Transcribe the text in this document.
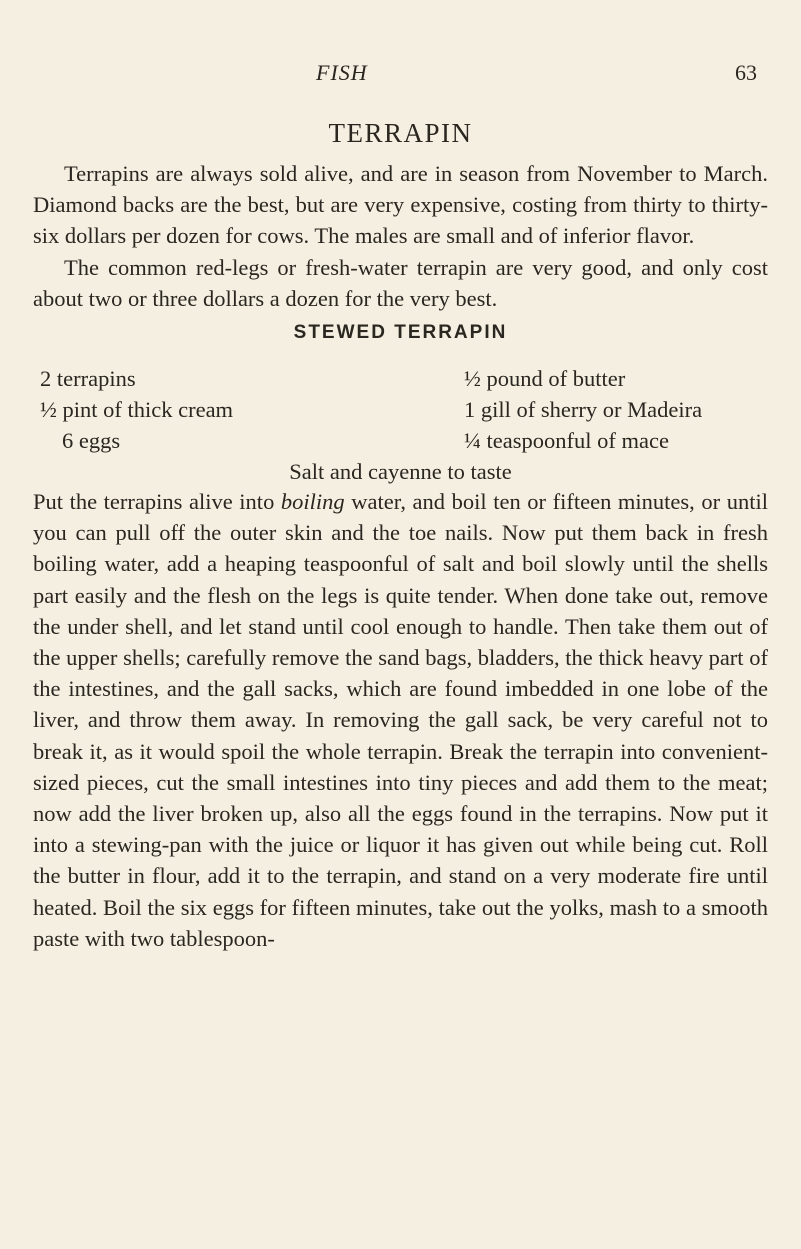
FISH	63
TERRAPIN
Terrapins are always sold alive, and are in season from November to March. Diamond backs are the best, but are very expensive, costing from thirty to thirty-six dollars per dozen for cows. The males are small and of inferior flavor.
The common red-legs or fresh-water terrapin are very good, and only cost about two or three dollars a dozen for the very best.
STEWED TERRAPIN
2 terrapins	½ pound of butter
½ pint of thick cream	1 gill of sherry or Madeira
6 eggs	¼ teaspoonful of mace
Salt and cayenne to taste

Put the terrapins alive into boiling water, and boil ten or fifteen minutes, or until you can pull off the outer skin and the toe nails. Now put them back in fresh boiling water, add a heaping teaspoonful of salt and boil slowly until the shells part easily and the flesh on the legs is quite tender. When done take out, remove the under shell, and let stand until cool enough to handle. Then take them out of the upper shells; carefully remove the sand bags, bladders, the thick heavy part of the intestines, and the gall sacks, which are found imbedded in one lobe of the liver, and throw them away. In removing the gall sack, be very careful not to break it, as it would spoil the whole terrapin. Break the terrapin into convenient-sized pieces, cut the small intestines into tiny pieces and add them to the meat; now add the liver broken up, also all the eggs found in the terrapins. Now put it into a stewing-pan with the juice or liquor it has given out while being cut. Roll the butter in flour, add it to the terrapin, and stand on a very moderate fire until heated. Boil the six eggs for fifteen minutes, take out the yolks, mash to a smooth paste with two tablespoon-
